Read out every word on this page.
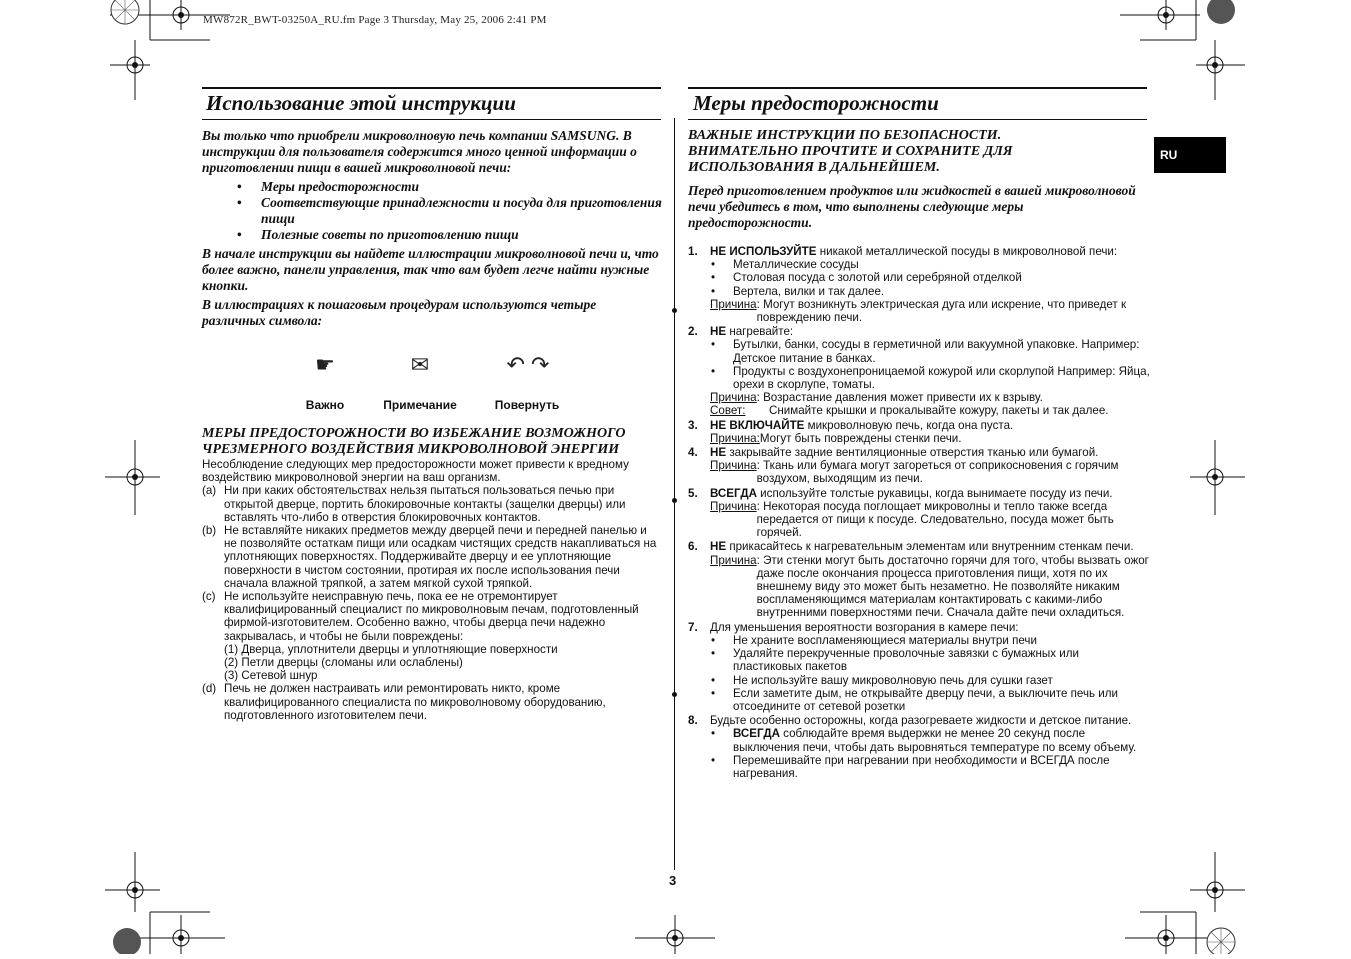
MW872R_BWT-03250A_RU.fm Page 3 Thursday, May 25, 2006 2:41 PM
RU
Использование этой инструкции

Вы только что приобрели микроволновую печь компании SAMSUNG. В инструкции для пользователя содержится много ценной информации о приготовлении пищи в вашей микроволновой печи:

• Меры предосторожности
• Соответствующие принадлежности и посуда для приготовления пищи
• Полезные советы по приготовлению пищи

В начале инструкции вы найдете иллюстрации микроволновой печи и, что более важно, панели управления, так что вам будет легче найти нужные кнопки.

В иллюстрациях к пошаговым процедурам используются четыре различных символа:

☛	✉	↶ ↷
Важно	Примечание	Повернуть
МЕРЫ ПРЕДОСТОРОЖНОСТИ ВО ИЗБЕЖАНИЕ ВОЗМОЖНОГО ЧРЕЗМЕРНОГО ВОЗДЕЙСТВИЯ МИКРОВОЛНОВОЙ ЭНЕРГИИ
Несоблюдение следующих мер предосторожности может привести к вредному воздействию микроволновой энергии на ваш организм.
(a) Ни при каких обстоятельствах нельзя пытаться пользоваться печью при открытой дверце, портить блокировочные контакты (защелки дверцы) или вставлять что-либо в отверстия блокировочных контактов.
(b) Не вставляйте никаких предметов между дверцей печи и передней панелью и не позволяйте остаткам пищи или осадкам чистящих средств накапливаться на уплотняющих поверхностях. Поддерживайте дверцу и ее уплотняющие поверхности в чистом состоянии, протирая их после использования печи сначала влажной тряпкой, а затем мягкой сухой тряпкой.
(c) Не используйте неисправную печь, пока ее не отремонтирует квалифицированный специалист по микроволновым печам, подготовленный фирмой-изготовителем. Особенно важно, чтобы дверца печи надежно закрывалась, и чтобы не были повреждены:
(1) Дверца, уплотнители дверцы и уплотняющие поверхности
(2) Петли дверцы (сломаны или ослаблены)
(3) Сетевой шнур
(d) Печь не должен настраивать или ремонтировать никто, кроме квалифицированного специалиста по микроволновому оборудованию, подготовленного изготовителем печи.
Меры предосторожности
ВАЖНЫЕ ИНСТРУКЦИИ ПО БЕЗОПАСНОСТИ. ВНИМАТЕЛЬНО ПРОЧТИТЕ И СОХРАНИТЕ ДЛЯ ИСПОЛЬЗОВАНИЯ В ДАЛЬНЕЙШЕМ.
Перед приготовлением продуктов или жидкостей в вашей микроволновой печи убедитесь в том, что выполнены следующие меры предосторожности.
1.	НЕ ИСПОЛЬЗУЙТЕ никакой металлической посуды в микроволновой печи:
• Металлические сосуды
• Столовая посуда с золотой или серебряной отделкой
• Вертела, вилки и так далее.
Причина : Могут возникнуть электрическая дуга или искрение, что приведет к повреждению печи.
2.	НЕ нагревайте:
• Бутылки, банки, сосуды в герметичной или вакуумной упаковке. Например: Детское питание в банках.
• Продукты с воздухонепроницаемой кожурой или скорлупой Например: Яйца, орехи в скорлупе, томаты.
Причина : Возрастание давления может привести их к взрыву.
Совет:	Снимайте крышки и прокалывайте кожуру, пакеты и так далее.
3.	НЕ ВКЛЮЧАЙТЕ микроволновую печь, когда она пуста.
Причина: Могут быть повреждены стенки печи.
4.	НЕ закрывайте задние вентиляционные отверстия тканью или бумагой.
Причина : Ткань или бумага могут загореться от соприкосновения с горячим воздухом, выходящим из печи.
5.	ВСЕГДА используйте толстые рукавицы, когда вынимаете посуду из печи.
Причина : Некоторая посуда поглощает микроволны и тепло также всегда передается от пищи к посуде. Следовательно, посуда может быть горячей.
6.	НЕ прикасайтесь к нагревательным элементам или внутренним стенкам печи.
Причина : Эти стенки могут быть достаточно горячи для того, чтобы вызвать ожог даже после окончания процесса приготовления пищи, хотя по их внешнему виду это может быть незаметно. Не позволяйте никаким воспламеняющимся материалам контактировать с какими-либо внутренними поверхностями печи. Сначала дайте печи охладиться.
7.	Для уменьшения вероятности возгорания в камере печи:
• Не храните воспламеняющиеся материалы внутри печи
• Удаляйте перекрученные проволочные завязки с бумажных или пластиковых пакетов
• Не используйте вашу микроволновую печь для сушки газет
• Если заметите дым, не открывайте дверцу печи, а выключите печь или отсоедините от сетевой розетки
8.	Будьте особенно осторожны, когда разогреваете жидкости и детское питание.
• ВСЕГДА соблюдайте время выдержки не менее 20 секунд после выключения печи, чтобы дать выровняться температуре по всему объему.
• Перемешивайте при нагревании при необходимости и ВСЕГДА после нагревания.
3
